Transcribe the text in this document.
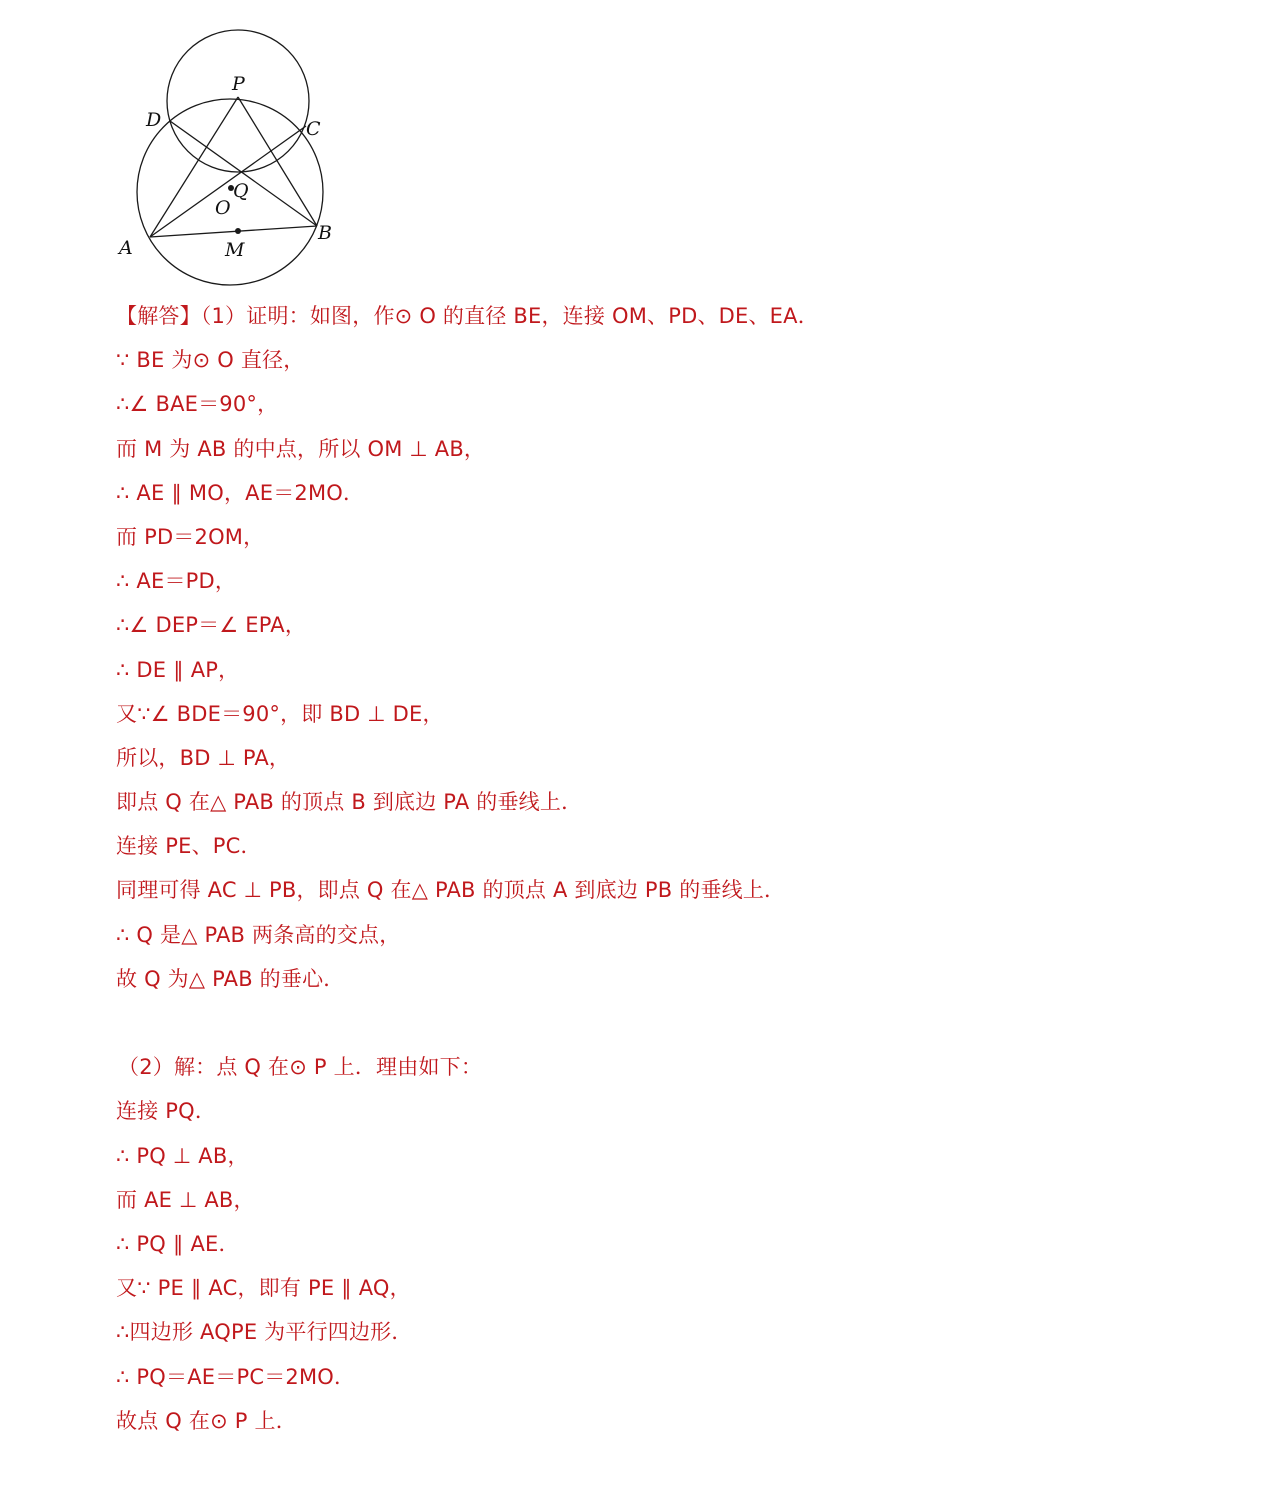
P
D	C
Q
O
A	M
B
【解答】（1）证明：如图，作⊙ O 的直径 BE，连接 OM、PD、DE、EA．
∵ BE 为⊙ O 直径，
∴∠ BAE＝90°，
而 M 为 AB 的中点，所以 OM ⊥ AB，
∴ AE ∥ MO，AE＝2MO．
而 PD＝2OM，
∴ AE＝PD，
∴∠ DEP＝∠ EPA，
∴ DE ∥ AP，
又∵∠ BDE＝90°，即 BD ⊥ DE，
所以，BD ⊥ PA，
即点 Q 在△ PAB 的顶点 B 到底边 PA 的垂线上．
连接 PE、PC．
同理可得 AC ⊥ PB，即点 Q 在△ PAB 的顶点 A 到底边 PB 的垂线上．
∴ Q 是△ PAB 两条高的交点，
故 Q 为△ PAB 的垂心．
（2）解：点 Q 在⊙ P 上．理由如下：
连接 PQ．
∴ PQ ⊥ AB，
而 AE ⊥ AB，
∴ PQ ∥ AE．
又∵ PE ∥ AC，即有 PE ∥ AQ，
∴四边形 AQPE 为平行四边形．
∴ PQ＝AE＝PC＝2MO．
故点 Q 在⊙ P 上．
